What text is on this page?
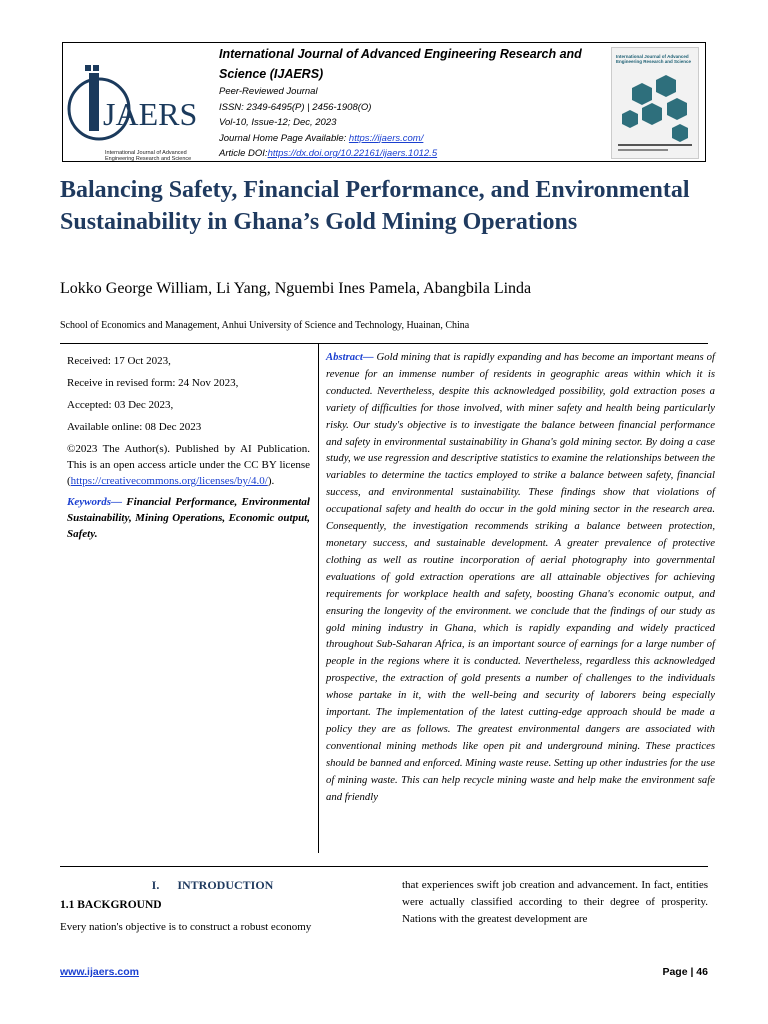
JAERS
International Journal of Advanced Engineering Research and Science
International Journal of Advanced Engineering Research and
Science (IJAERS)
Peer-Reviewed Journal
ISSN: 2349-6495(P) | 2456-1908(O)
Vol-10, Issue-12; Dec, 2023
Journal Home Page Available: https://ijaers.com/
Article DOI:https://dx.doi.org/10.22161/ijaers.1012.5
International Journal of Advanced Engineering Research and Science
Balancing Safety, Financial Performance, and Environmental Sustainability in Ghana’s Gold Mining Operations
Lokko George William, Li Yang, Nguembi Ines Pamela, Abangbila Linda
School of Economics and Management, Anhui University of Science and Technology, Huainan, China

Received: 17 Oct 2023,

Receive in revised form: 24 Nov 2023,

Accepted: 03 Dec 2023,

Available online: 08 Dec 2023

©2023 The Author(s). Published by AI Publication. This is an open access article under the CC BY license (https://creativecommons.org/licenses/by/4.0/).

Keywords— Financial Performance, Environmental Sustainability, Mining Operations, Economic output, Safety.

Abstract— Gold mining that is rapidly expanding and has become an important means of revenue for an immense number of residents in geographic areas within which it is conducted. Nevertheless, despite this acknowledged possibility, gold extraction poses a variety of difficulties for those involved, with miner safety and health being particularly risky. Our study's objective is to investigate the balance between financial performance and safety in environmental sustainability in Ghana's gold mining sector. By doing a case study, we use regression and descriptive statistics to examine the relationships between the variables to determine the tactics employed to strike a balance between safety, financial success, and environmental sustainability. These findings show that violations of occupational safety and health do occur in the gold mining sector in the research area. Consequently, the investigation recommends striking a balance between protection, monetary success, and sustainable development. A greater prevalence of protective clothing as well as routine incorporation of aerial photography into governmental evaluations of gold extraction operations are all attainable objectives for achieving requirements for workplace health and safety, boosting Ghana's economic output, and ensuring the longevity of the environment. we conclude that the findings of our study as gold mining industry in Ghana, which is rapidly expanding and widely practiced throughout Sub-Saharan Africa, is an important source of earnings for a large number of people in the regions where it is conducted. Nevertheless, regardless this acknowledged prospective, the extraction of gold presents a number of challenges to the individuals whose partake in it, with the well-being and security of laborers being especially important. The implementation of the latest cutting-edge approach should be made a policy they are as follows. The greatest environmental dangers are associated with conventional mining methods like open pit and underground mining. These practices should be banned and enforced. Mining waste reuse. Setting up other industries for the use of mining waste. This can help recycle mining waste and help make the environment safe and friendly

I.      INTRODUCTION
1.1 BACKGROUND

Every nation's objective is to construct a robust economy

that experiences swift job creation and advancement. In fact, entities were actually classified according to their degree of prosperity. Nations with the greatest development are

www.ijaers.com	Page | 46
